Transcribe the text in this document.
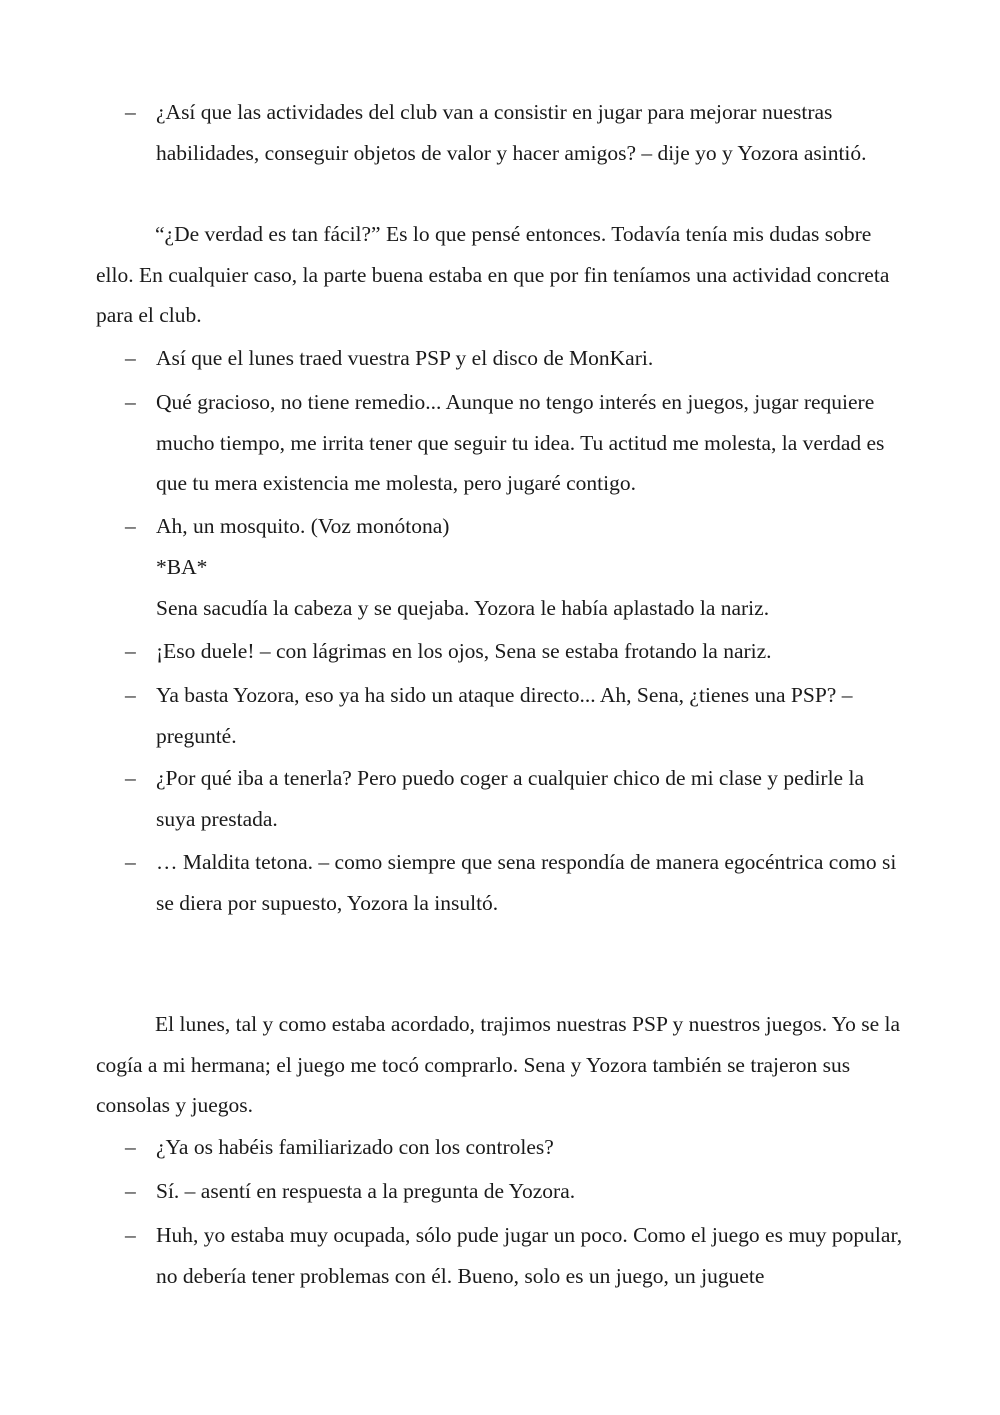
– ¿Así que las actividades del club van a consistir en jugar para mejorar nuestras habilidades, conseguir objetos de valor y hacer amigos? – dije yo y Yozora asintió.

“¿De verdad es tan fácil?” Es lo que pensé entonces. Todavía tenía mis dudas sobre ello. En cualquier caso, la parte buena estaba en que por fin teníamos una actividad concreta para el club.

– Así que el lunes traed vuestra PSP y el disco de MonKari.

– Qué gracioso, no tiene remedio... Aunque no tengo interés en juegos, jugar requiere mucho tiempo, me irrita tener que seguir tu idea. Tu actitud me molesta, la verdad es que tu mera existencia me molesta, pero jugaré contigo.

– Ah, un mosquito. (Voz monótona)

*BA*

Sena sacudía la cabeza y se quejaba. Yozora le había aplastado la nariz.

– ¡Eso duele! – con lágrimas en los ojos, Sena se estaba frotando la nariz.

– Ya basta Yozora, eso ya ha sido un ataque directo... Ah, Sena, ¿tienes una PSP? – pregunté.

– ¿Por qué iba a tenerla? Pero puedo coger a cualquier chico de mi clase y pedirle la suya prestada.

– … Maldita tetona. – como siempre que sena respondía de manera egocéntrica como si se diera por supuesto, Yozora la insultó.

El lunes, tal y como estaba acordado, trajimos nuestras PSP y nuestros juegos. Yo se la cogía a mi hermana; el juego me tocó comprarlo. Sena y Yozora también se trajeron sus consolas y juegos.

– ¿Ya os habéis familiarizado con los controles?

– Sí. – asentí en respuesta a la pregunta de Yozora.

– Huh, yo estaba muy ocupada, sólo pude jugar un poco. Como el juego es muy popular, no debería tener problemas con él. Bueno, solo es un juego, un juguete
